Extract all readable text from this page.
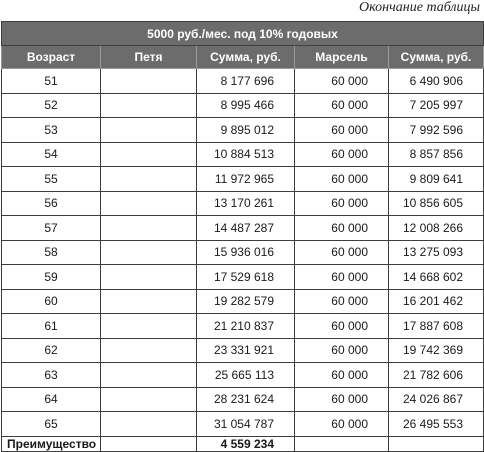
Окончание таблицы
5000 руб./мес. под 10% годовых				
Возраст	Петя	Сумма, руб.	Марсель	Сумма, руб.
51		8 177 696	60 000	6 490 906
52		8 995 466	60 000	7 205 997
53		9 895 012	60 000	7 992 596
54		10 884 513	60 000	8 857 856
55		11 972 965	60 000	9 809 641
56		13 170 261	60 000	10 856 605
57		14 487 287	60 000	12 008 266
58		15 936 016	60 000	13 275 093
59		17 529 618	60 000	14 668 602
60		19 282 579	60 000	16 201 462
61		21 210 837	60 000	17 887 608
62		23 331 921	60 000	19 742 369
63		25 665 113	60 000	21 782 606
64		28 231 624	60 000	24 026 867
65		31 054 787	60 000	26 495 553
Преимущество		4 559 234		
